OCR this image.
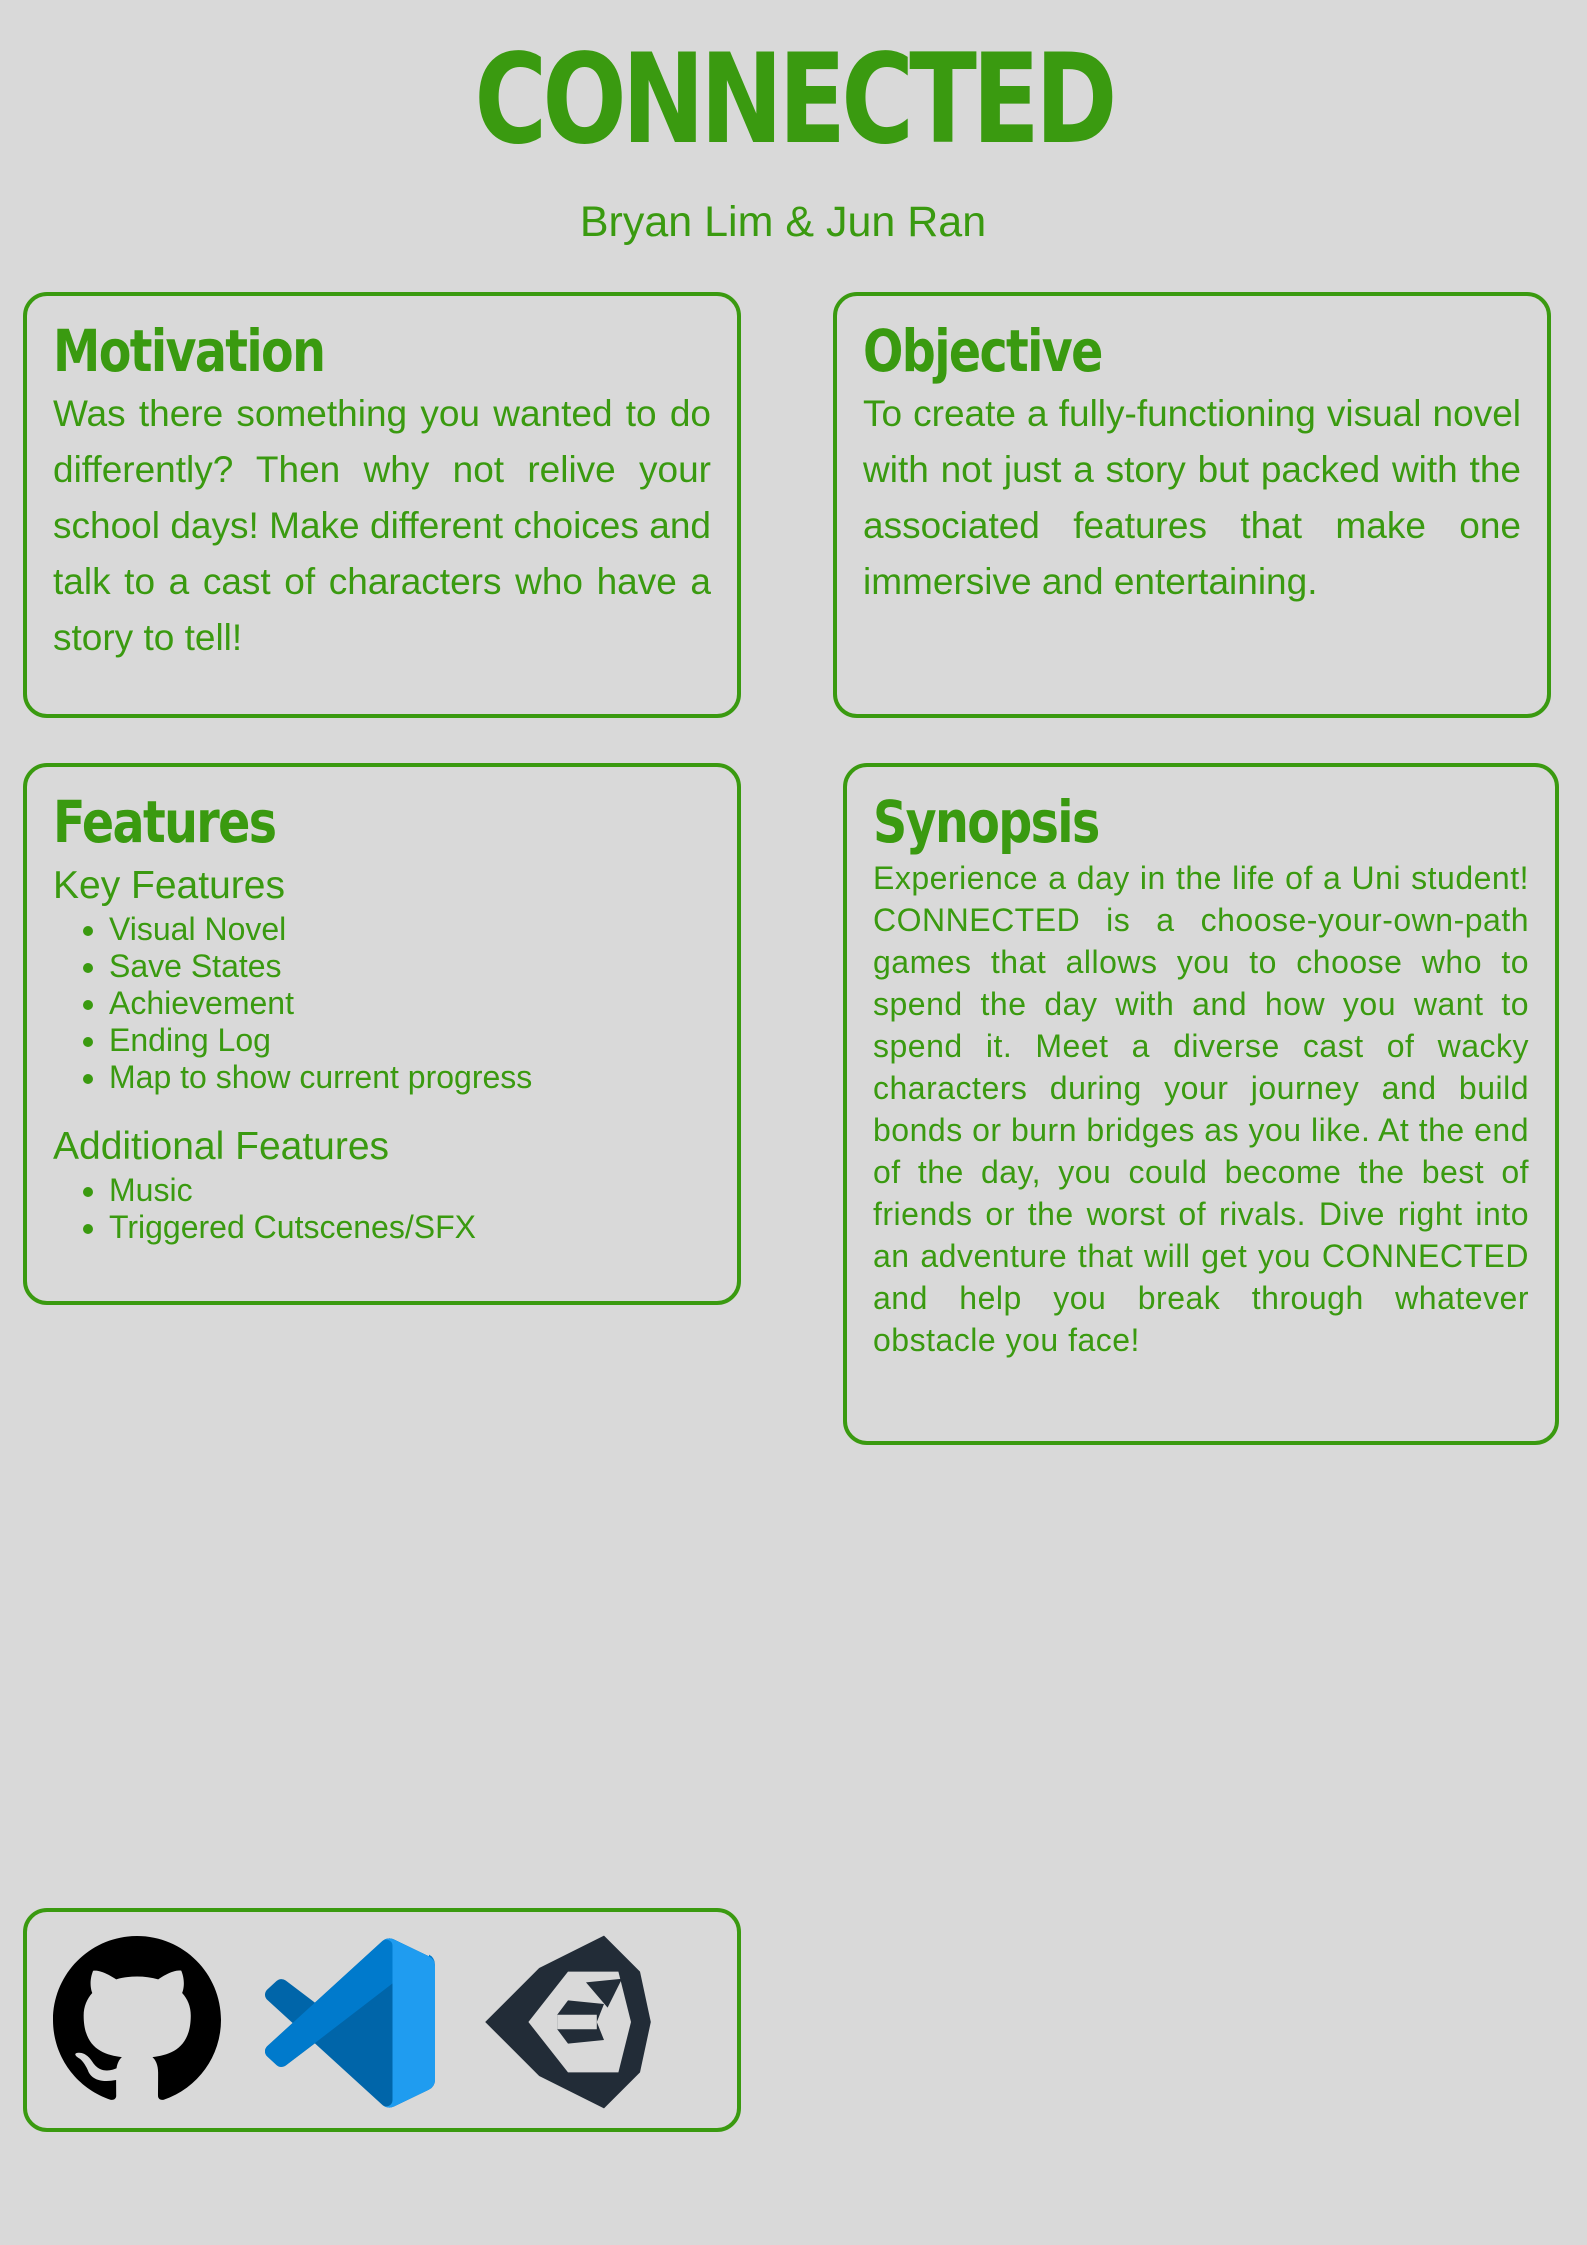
CONNECTED
Bryan Lim & Jun Ran
Motivation

Was there something you wanted to do differently? Then why not relive your school days! Make different choices and talk to a cast of characters who have a story to tell!

Objective

To create a fully-functioning visual novel with not just a story but packed with the associated features that make one immersive and entertaining.

Features
Key Features
• Visual Novel
• Save States
• Achievement
• Ending Log
• Map to show current progress
Additional Features
• Music
• Triggered Cutscenes/SFX
Synopsis

Experience a day in the life of a Uni student! CONNECTED is a choose-your-own-path games that allows you to choose who to spend the day with and how you want to spend it. Meet a diverse cast of wacky characters during your journey and build bonds or burn bridges as you like. At the end of the day, you could become the best of friends or the worst of rivals. Dive right into an adventure that will get you CONNECTED and help you break through whatever obstacle you face!
